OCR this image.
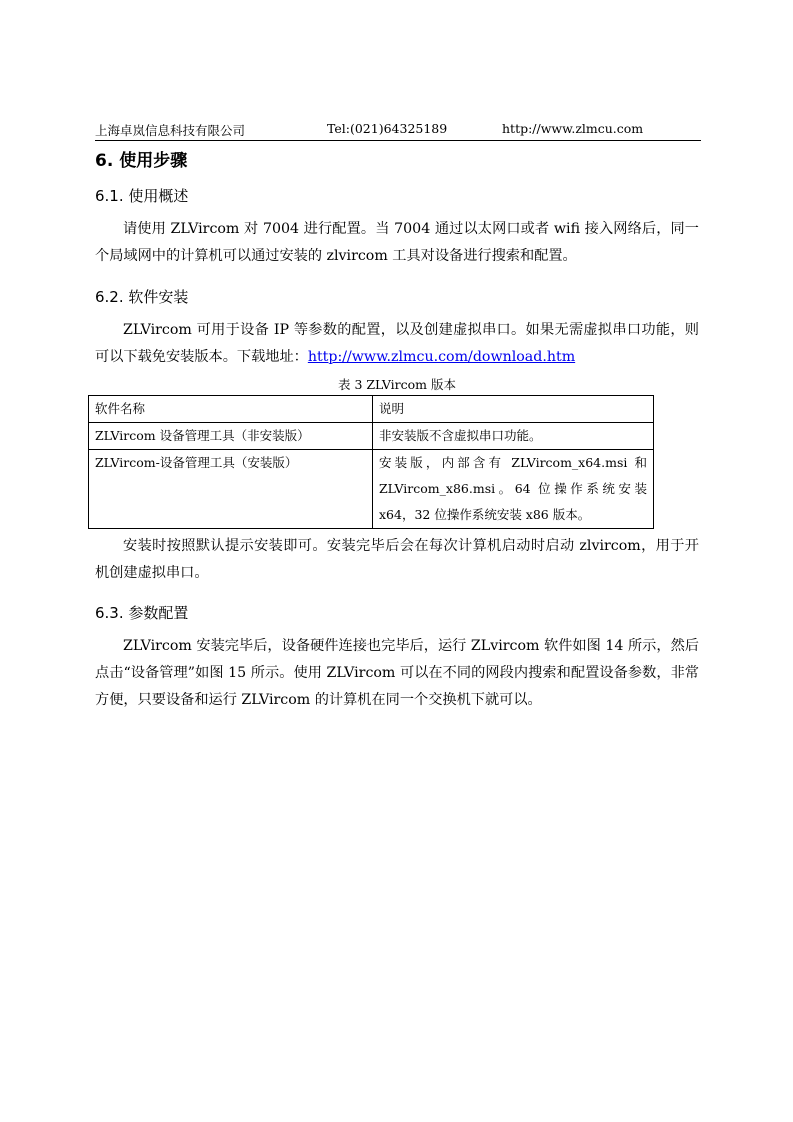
上海卓岚信息科技有限公司	Tel:(021)64325189	http://www.zlmcu.com
6. 使用步骤
6.1. 使用概述
请使用 ZLVircom 对 7004 进行配置。当 7004 通过以太网口或者 wifi 接入网络后，同一个局域网中的计算机可以通过安装的 zlvircom 工具对设备进行搜索和配置。
6.2. 软件安装
ZLVircom 可用于设备 IP 等参数的配置，以及创建虚拟串口。如果无需虚拟串口功能，则可以下载免安装版本。下载地址：http://www.zlmcu.com/download.htm
表 3 ZLVircom 版本
软件名称	说明
ZLVircom 设备管理工具（非安装版）	非安装版不含虚拟串口功能。
ZLVircom-设备管理工具（安装版）	安装版，内部含有 ZLVircom_x64.msi 和 ZLVircom_x86.msi。64 位操作系统安装 x64，32 位操作系统安装 x86 版本。
安装时按照默认提示安装即可。安装完毕后会在每次计算机启动时启动 zlvircom，用于开机创建虚拟串口。
6.3. 参数配置
ZLVircom 安装完毕后，设备硬件连接也完毕后，运行 ZLvircom 软件如图 14 所示，然后点击“设备管理”如图 15 所示。使用 ZLVircom 可以在不同的网段内搜索和配置设备参数，非常方便，只要设备和运行 ZLVircom 的计算机在同一个交换机下就可以。
